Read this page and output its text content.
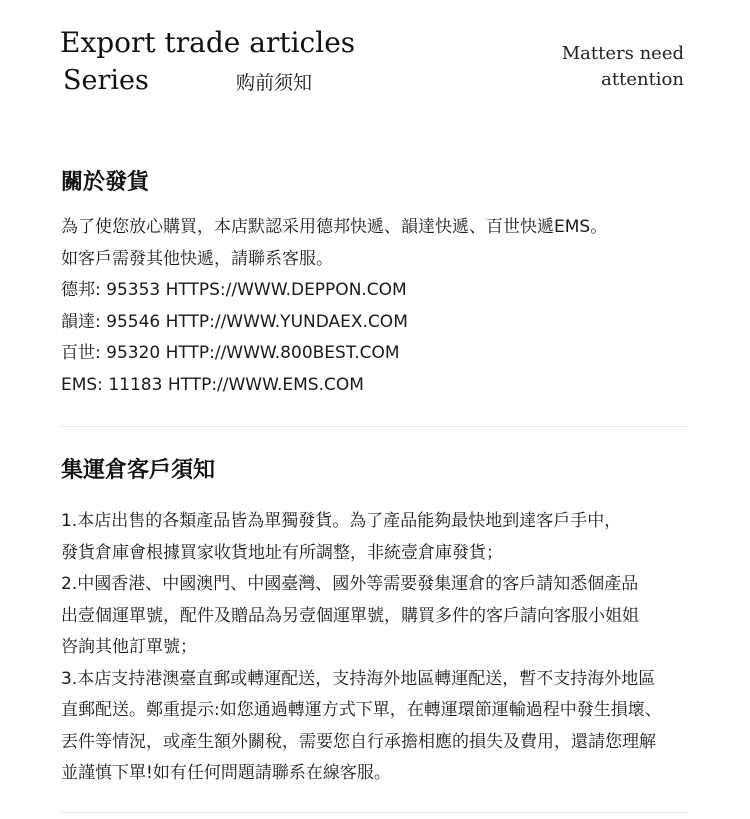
Export trade articles
Series	购前须知
Matters need
attention
關於發貨
為了使您放心購買，本店默認采用德邦快遞、韻達快遞、百世快遞EMS。
如客戶需發其他快遞，請聯系客服。
德邦: 95353 HTTPS://WWW.DEPPON.COM
韻達: 95546 HTTP://WWW.YUNDAEX.COM
百世: 95320 HTTP://WWW.800BEST.COM
EMS: 11183 HTTP://WWW.EMS.COM
集運倉客戶須知
1.本店出售的各類產品皆為單獨發貨。為了產品能夠最快地到達客戶手中，
發貨倉庫會根據買家收貨地址有所調整，非統壹倉庫發貨；
2.中國香港、中國澳門、中國臺灣、國外等需要發集運倉的客戶請知悉個產品
出壹個運單號，配件及贈品為另壹個運單號，購買多件的客戶請向客服小姐姐
咨詢其他訂單號；
3.本店支持港澳臺直郵或轉運配送，支持海外地區轉運配送，暫不支持海外地區
直郵配送。鄭重提示:如您通過轉運方式下單，在轉運環節運輸過程中發生損壞、
丟件等情況，或產生額外關稅，需要您自行承擔相應的損失及費用，還請您理解
並謹慎下單!如有任何問題請聯系在線客服。
